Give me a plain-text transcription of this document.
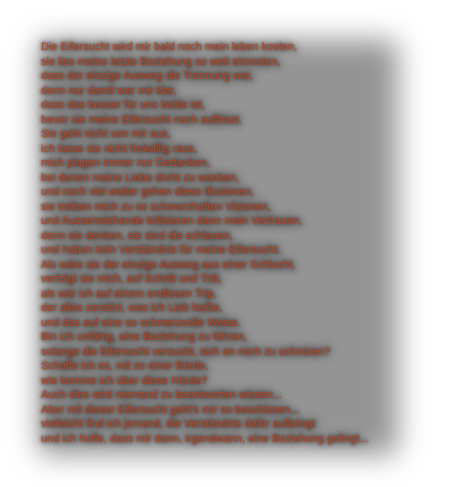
Die Eifersucht wird mir bald noch mein leben kosten,
sie lies meine letzte Beziehung so weit einrosten,
dass der einzige Ausweg die Trennung war,
denn nur damit war mir klar,
dass das besser für uns beide ist,
bevor sie meine Eifersucht noch auffrisst.
Sie geht nicht von mir aus,
ich lasse sie nicht freiwillig raus,
mich plagen immer nur Gedanken,
bei denen meine Liebe droht zu wanken,
und noch viel weiter gehen diese Illusionen,
sie treiben mich zu so schmerzhaften Visionen,
und Aussenstehende kritisieren dann mein Vertrauen,
denn sie denken, sie sind die schlauen,
und haben kein Verständnis für meine Eifersucht.
Als wäre sie der einzige Ausweg aus einer Schlucht,
verfolgt sie mich, auf Schritt und Tritt,
als wär ich auf einem endlosen Trip,
der alles zerstört, was ich Lieb heiße,
und das auf eine so schmerzvolle Weise.
Bin ich unfähig, eine Beziehung zu führen,
solange die Eifersucht versucht, sich an mich zu schnüren?
Schaffe ich es, mit so einer Bürde,
wie komme ich über diese Hürde?
Auch dies wird niemand zu beantworten wissen...
Aber mit dieser Eifersucht geht's mir so beschissen...
vielleicht find ich jemand, die Verständnis dafür aufbringt
und ich hoffe, dass mir dann, irgendwann, eine Beziehung gelingt...
